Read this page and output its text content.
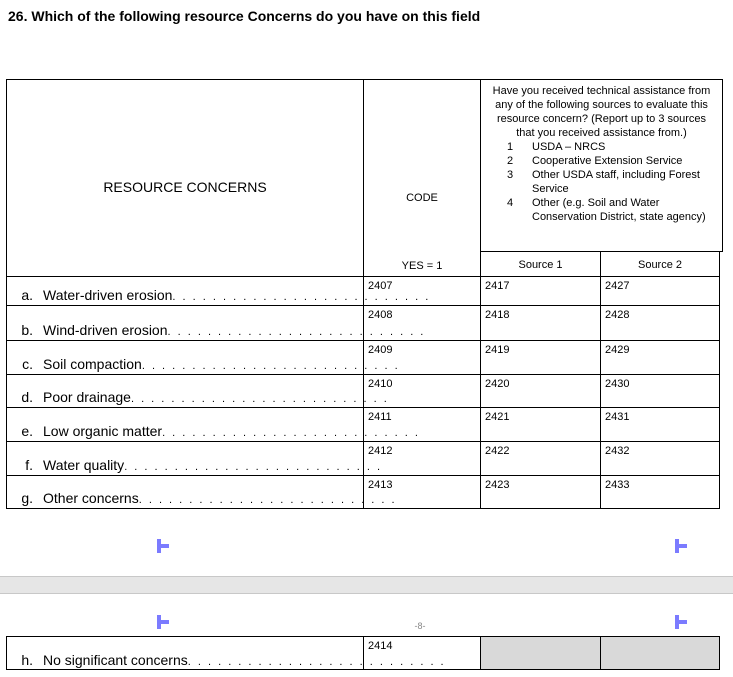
26. Which of the following resource Concerns do you have on this field
RESOURCE CONCERNS
CODE
YES = 1
Have you received technical assistance from any of the following sources to evaluate this resource concern? (Report up to 3 sources that you received assistance from.)
1	USDA – NRCS
2	Cooperative Extension Service
3	Other USDA staff, including Forest Service
4	Other (e.g. Soil and Water Conservation District, state agency)
Source 1	Source 2
a. Water-driven erosion. . . . . . . . . . . . . . . . . . . . . . . . . .
2407	2417	2427
b. Wind-driven erosion. . . . . . . . . . . . . . . . . . . . . . . . . .
2408	2418	2428
c. Soil compaction. . . . . . . . . . . . . . . . . . . . . . . . . .
2409	2419	2429
d. Poor drainage. . . . . . . . . . . . . . . . . . . . . . . . . .
2410	2420	2430
e. Low organic matter. . . . . . . . . . . . . . . . . . . . . . . . . .
2411	2421	2431
f. Water quality. . . . . . . . . . . . . . . . . . . . . . . . . .
2412	2422	2432
g. Other concerns. . . . . . . . . . . . . . . . . . . . . . . . . .
2413	2423	2433
-8-
h. No significant concerns. . . . . . . . . . . . . . . . . . . . . . . . . .
2414
